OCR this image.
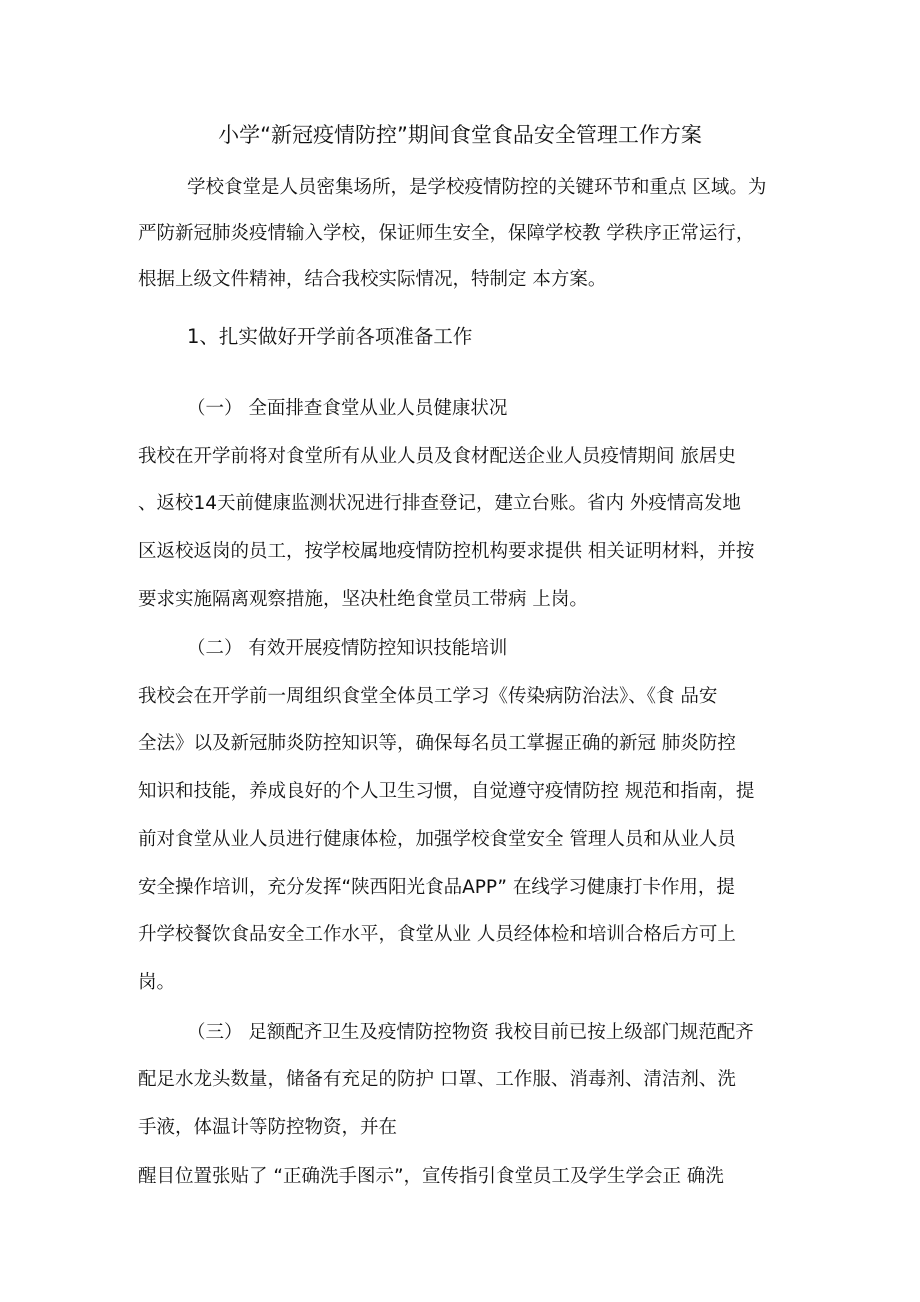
小学“新冠疫情防控”期间食堂食品安全管理工作方案
学校食堂是人员密集场所，是学校疫情防控的关键环节和重点 区域。为
严防新冠肺炎疫情输入学校，保证师生安全，保障学校教 学秩序正常运行，
根据上级文件精神，结合我校实际情况，特制定 本方案。
1、扎实做好开学前各项准备工作
（一） 全面排查食堂从业人员健康状况
我校在开学前将对食堂所有从业人员及食材配送企业人员疫情期间 旅居史
、返校14天前健康监测状况进行排查登记，建立台账。省内 外疫情高发地
区返校返岗的员工，按学校属地疫情防控机构要求提供 相关证明材料，并按
要求实施隔离观察措施，坚决杜绝食堂员工带病 上岗。
（二） 有效开展疫情防控知识技能培训
我校会在开学前一周组织食堂全体员工学习《传染病防治法》、《食 品安
全法》以及新冠肺炎防控知识等，确保每名员工掌握正确的新冠 肺炎防控
知识和技能，养成良好的个人卫生习惯，自觉遵守疫情防控 规范和指南，提
前对食堂从业人员进行健康体检，加强学校食堂安全 管理人员和从业人员
安全操作培训，充分发挥“陕西阳光食品APP” 在线学习健康打卡作用，提
升学校餐饮食品安全工作水平，食堂从业 人员经体检和培训合格后方可上
岗。
（三） 足额配齐卫生及疫情防控物资 我校目前已按上级部门规范配齐
配足水龙头数量，储备有充足的防护 口罩、工作服、消毒剂、清洁剂、洗
手液，体温计等防控物资，并在
醒目位置张贴了 “正确洗手图示”，宣传指引食堂员工及学生学会正 确洗
